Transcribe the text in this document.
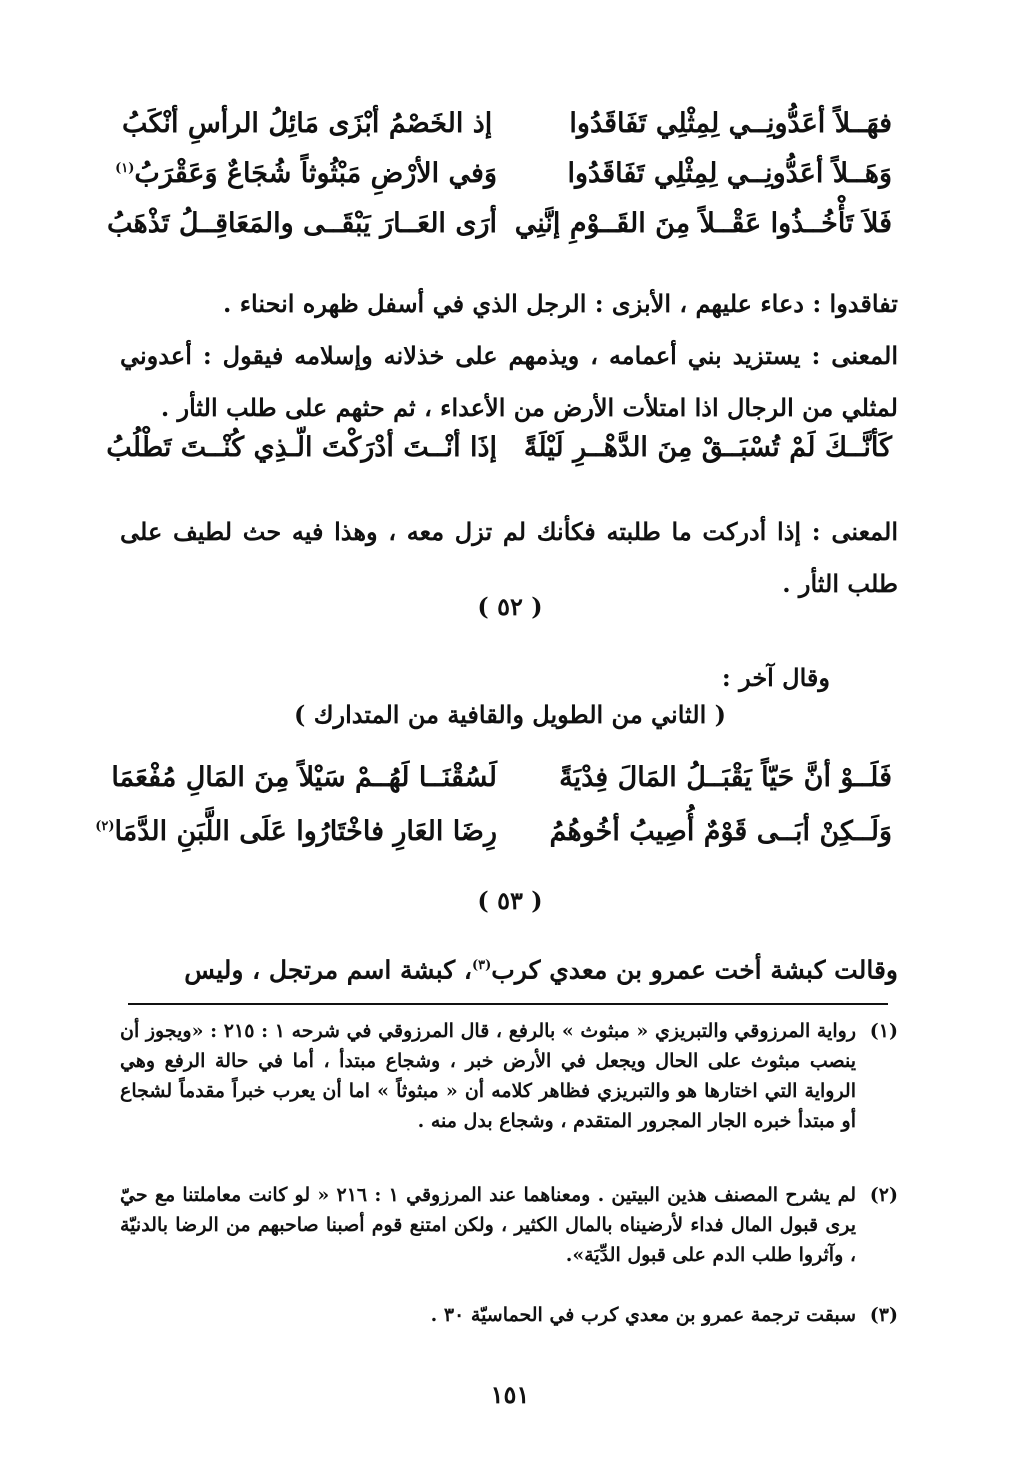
فهَــلاً أعَدُّونِــي لِمِثْلِي تَفَاقَدُوا
إذ الخَصْمُ أبْزَى مَائِلُ الرأسِ أنْكَبُ
وَهَــلاً أعَدُّونِــي لِمِثْلِي تَفَاقَدُوا
وَفي الأرْضِ مَبْثُوثاً شُجَاعٌ وَعَقْرَبُ$^{(١)}$
فَلاَ تَأْخُــذُوا عَقْــلاً مِنَ القَــوْمِ إنَّنِي
أرَى العَــارَ يَبْقَــى والمَعَاقِــلُ تَذْهَبُ
تفاقدوا : دعاء عليهم ، الأبزى : الرجل الذي في أسفل ظهره انحناء .
المعنى : يستزيد بني أعمامه ، ويذمهم على خذلانه وإسلامه فيقول : أعدوني لمثلي من الرجال اذا امتلأت الأرض من الأعداء ، ثم حثهم على طلب الثأر .
كَأنَّــكَ لَمْ تُسْبَــقْ مِنَ الدَّهْــرِ لَيْلَةً
إذَا أنْــتَ أدْرَكْتَ الّـذِي كُنْــتَ تَطْلُبُ
المعنى : إذا أدركت ما طلبته فكأنك لم تزل معه ، وهذا فيه حث لطيف على طلب الثأر .
( ٥٢ )
وقال آخر :
( الثاني من الطويل والقافية من المتدارك )
فَلَــوْ أنَّ حَيّاً يَقْبَــلُ المَالَ فِدْيَةً
لَسُقْنَــا لَهُــمْ سَيْلاً مِنَ المَالِ مُفْعَمَا
وَلَــكِنْ أبَــى قَوْمٌ أُصِيبُ أخُوهُمُ
رِضَا العَارِ فاخْتَارُوا عَلَى اللَّبَنِ الدَّمَا$^{(٢)}$
( ٥٣ )
وقالت كبشة أخت عمرو بن معدي كرب$^{(٣)}$، كبشة اسم مرتجل ، وليس
(١)
رواية المرزوقي والتبريزي « مبثوث » بالرفع ، قال المرزوقي في شرحه ١ : ٢١٥ : «ويجوز أن ينصب مبثوث على الحال ويجعل في الأرض خبر ، وشجاع مبتدأ ، أما في حالة الرفع وهي الرواية التي اختارها هو والتبريزي فظاهر كلامه أن « مبثوثاً » اما أن يعرب خبراً مقدماً لشجاع أو مبتدأ خبره الجار المجرور المتقدم ، وشجاع بدل منه .
(٢)
لم يشرح المصنف هذين البيتين . ومعناهما عند المرزوقي ١ : ٢١٦ « لو كانت معاملتنا مع حيّ يرى قبول المال فداء لأرضيناه بالمال الكثير ، ولكن امتنع قوم أصبنا صاحبهم من الرضا بالدنيّة ، وآثروا طلب الدم على قبول الدِّيَة».
(٣)
سبقت ترجمة عمرو بن معدي كرب في الحماسيّة ٣٠ .
١٥١
